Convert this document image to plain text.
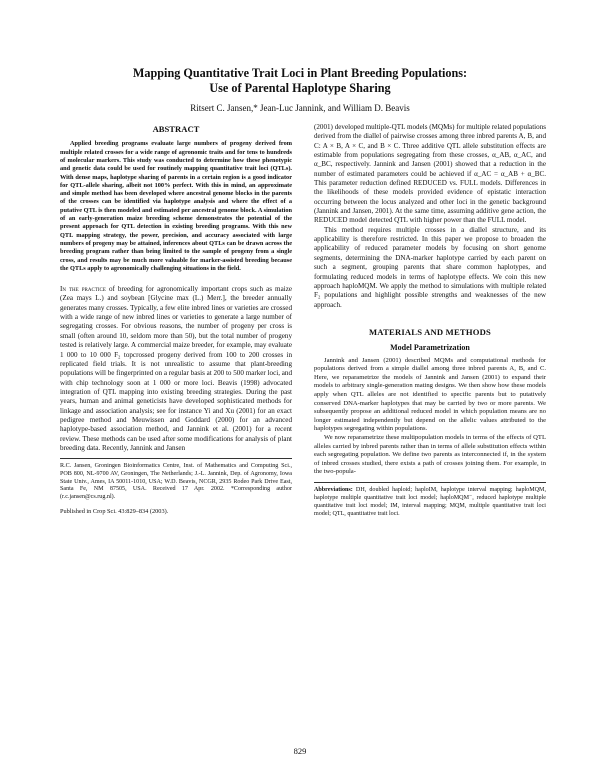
Mapping Quantitative Trait Loci in Plant Breeding Populations:
Use of Parental Haplotype Sharing
Ritsert C. Jansen,* Jean-Luc Jannink, and William D. Beavis
ABSTRACT

Applied breeding programs evaluate large numbers of progeny derived from multiple related crosses for a wide range of agronomic traits and for tens to hundreds of molecular markers. This study was conducted to determine how these phenotypic and genetic data could be used for routinely mapping quantitative trait loci (QTLs). With dense maps, haplotype sharing of parents in a certain region is a good indicator for QTL-allele sharing, albeit not 100% perfect. With this in mind, an approximate and simple method has been developed where ancestral genome blocks in the parents of the crosses can be identified via haplotype analysis and where the effect of a putative QTL is then modeled and estimated per ancestral genome block. A simulation of an early-generation maize breeding scheme demonstrates the potential of the present approach for QTL detection in existing breeding programs. With this new QTL mapping strategy, the power, precision, and accuracy associated with large numbers of progeny may be attained, inferences about QTLs can be drawn across the breeding program rather than being limited to the sample of progeny from a single cross, and results may be much more valuable for marker-assisted breeding because the QTLs apply to agronomically challenging situations in the field.

In the practice of breeding for agronomically important crops such as maize (Zea mays L.) and soybean [Glycine max (L.) Merr.], the breeder annually generates many crosses. Typically, a few elite inbred lines or varieties are crossed with a wide range of new inbred lines or varieties to generate a large number of segregating crosses. For obvious reasons, the number of progeny per cross is small (often around 10, seldom more than 50), but the total number of progeny tested is relatively large. A commercial maize breeder, for example, may evaluate 1 000 to 10 000 F₂ topcrossed progeny derived from 100 to 200 crosses in replicated field trials. It is not unrealistic to assume that plant-breeding populations will be fingerprinted on a regular basis at 200 to 500 marker loci, and with chip technology soon at 1 000 or more loci. Beavis (1998) advocated integration of QTL mapping into existing breeding strategies. During the past years, human and animal geneticists have developed sophisticated methods for linkage and association analysis; see for instance Yi and Xu (2001) for an exact pedigree method and Meuwissen and Goddard (2000) for an advanced haplotype-based association method, and Jannink et al. (2001) for a recent review. These methods can be used after some modifications for analysis of plant breeding data. Recently, Jannink and Jansen

R.C. Jansen, Groningen Bioinformatics Centre, Inst. of Mathematics and Computing Sci., POB 800, NL-9700 AV, Groningen, The Netherlands; J.-L. Jannink, Dep. of Agronomy, Iowa State Univ., Ames, IA 50011-1010, USA; W.D. Beavis, NCGR, 2935 Rodeo Park Drive East, Santa Fe, NM 87505, USA. Received 17 Apr. 2002. *Corresponding author (r.c.jansen@cs.rug.nl).

Published in Crop Sci. 43:829–834 (2003).

(2001) developed multiple-QTL models (MQMs) for multiple related populations derived from the diallel of pairwise crosses among three inbred parents A, B, and C: A × B, A × C, and B × C. Three additive QTL allele substitution effects are estimable from populations segregating from these crosses, α_AB, α_AC, and α_BC, respectively. Jannink and Jansen (2001) showed that a reduction in the number of estimated parameters could be achieved if α_AC = α_AB + α_BC. This parameter reduction defined REDUCED vs. FULL models. Differences in the likelihoods of these models provided evidence of epistatic interaction occurring between the locus analyzed and other loci in the genetic background (Jannink and Jansen, 2001). At the same time, assuming additive gene action, the REDUCED model detected QTL with higher power than the FULL model.

This method requires multiple crosses in a diallel structure, and its applicability is therefore restricted. In this paper we propose to broaden the applicability of reduced parameter models by focusing on short genome segments, determining the DNA-marker haplotype carried by each parent on such a segment, grouping parents that share common haplotypes, and formulating reduced models in terms of haplotype effects. We coin this new approach haploMQM. We apply the method to simulations with multiple related F₂ populations and highlight possible strengths and weaknesses of the new approach.

MATERIALS AND METHODS
Model Parametrization

Jannink and Jansen (2001) described MQMs and computational methods for populations derived from a simple diallel among three inbred parents A, B, and C. Here, we reparametrize the models of Jannink and Jansen (2001) to expand their models to arbitrary single-generation mating designs. We then show how these models apply when QTL alleles are not identified to specific parents but to putatively conserved DNA-marker haplotypes that may be carried by two or more parents. We subsequently propose an additional reduced model in which population means are no longer estimated independently but depend on the allelic values attributed to the haplotypes segregating within populations.

We now reparametrize these multipopulation models in terms of the effects of QTL alleles carried by inbred parents rather than in terms of allele substitution effects within each segregating population. We define two parents as interconnected if, in the system of inbred crosses studied, there exists a path of crosses joining them. For example, in the two-popula-

Abbreviations: DH, doubled haploid; haploIM, haplotype interval mapping; haploMQM, haplotype multiple quantitative trait loci model; haploMQM⁻, reduced haplotype multiple quantitative trait loci model; IM, interval mapping; MQM, multiple quantitative trait loci model; QTL, quantitative trait loci.

829
